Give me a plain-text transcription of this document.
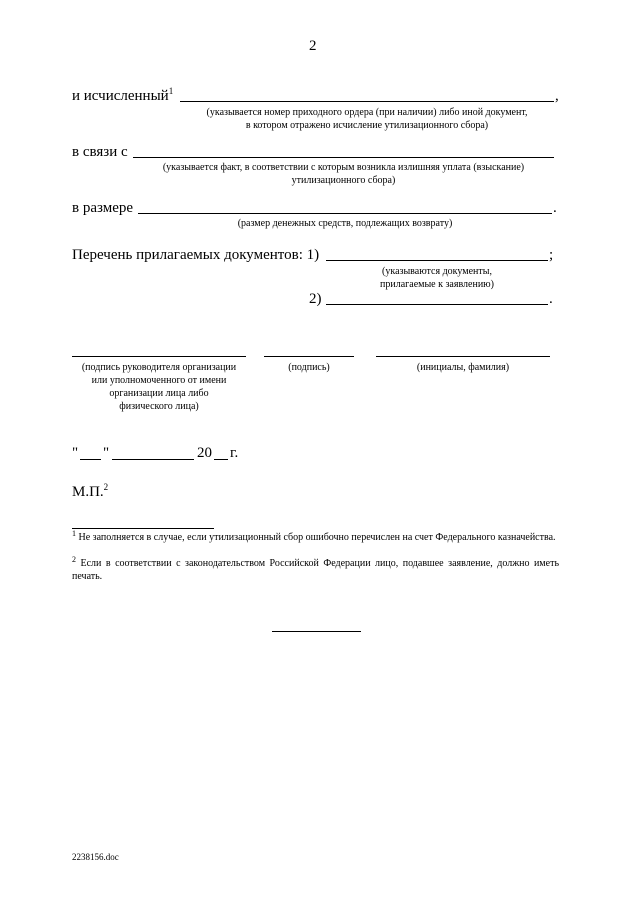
2
и исчисленный$^1$	,
(указывается номер приходного ордера (при наличии) либо иной документ,
в котором отражено исчисление утилизационного сбора)
в связи с
(указывается факт, в соответствии с которым возникла излишняя уплата (взыскание)
утилизационного сбора)
в размере	.
(размер денежных средств, подлежащих возврату)
Перечень прилагаемых документов: 1)	;
(указываются документы,
прилагаемые к заявлению)
2)	.
(подпись руководителя организации
или уполномоченного от имени
организации лица либо
физического лица)
(подпись)	(инициалы, фамилия)
" "	20 г.
М.П.$^2$
$^1$ Не заполняется в случае, если утилизационный сбор ошибочно перечислен на счет Федерального казначейства.
$^2$ Если в соответствии с законодательством Российской Федерации лицо, подавшее заявление, должно иметь печать.
2238156.doc
